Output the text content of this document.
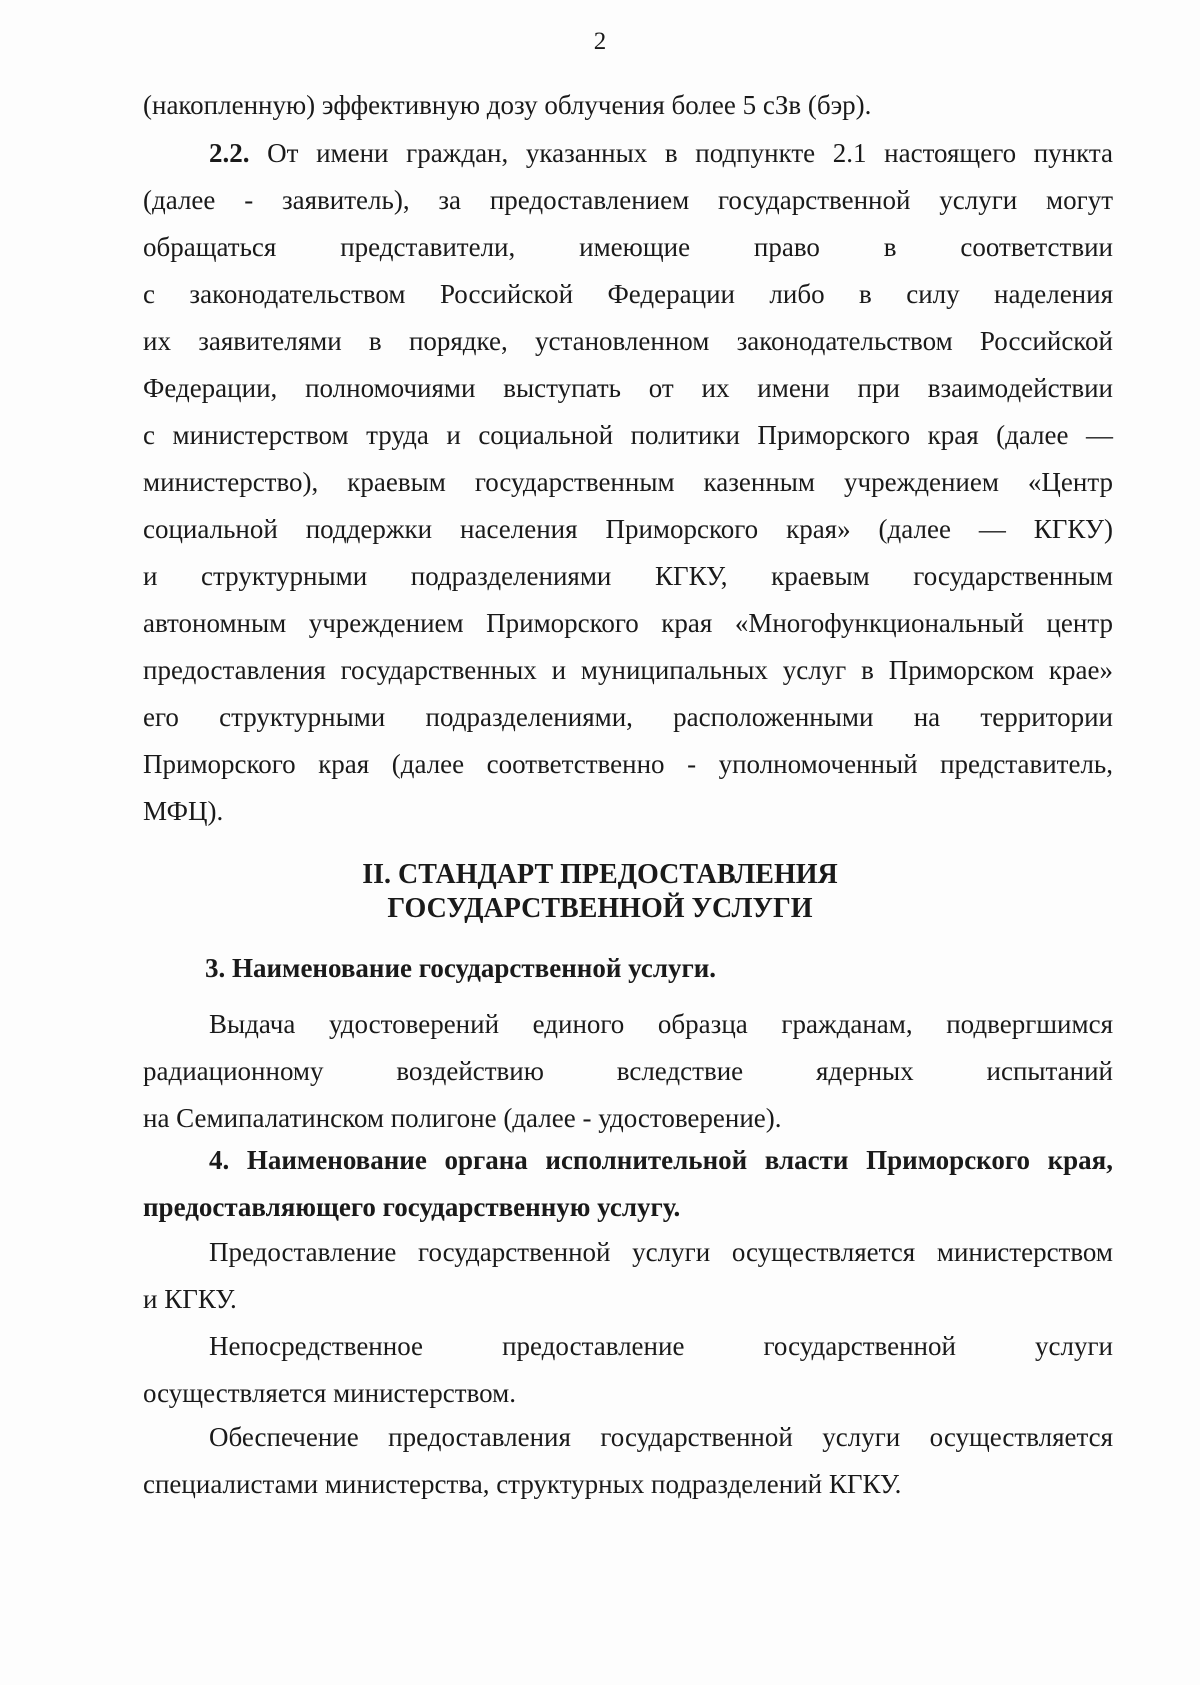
2
(накопленную) эффективную дозу облучения более 5 сЗв (бэр).
2.2. От имени граждан, указанных в подпункте 2.1 настоящего пункта
(далее - заявитель), за предоставлением государственной услуги могут
обращаться представители, имеющие право в соответствии
с законодательством Российской Федерации либо в силу наделения
их заявителями в порядке, установленном законодательством Российской
Федерации, полномочиями выступать от их имени при взаимодействии
с министерством труда и социальной политики Приморского края (далее —
министерство), краевым государственным казенным учреждением «Центр
социальной поддержки населения Приморского края» (далее — КГКУ)
и структурными подразделениями КГКУ, краевым государственным
автономным учреждением Приморского края «Многофункциональный центр
предоставления государственных и муниципальных услуг в Приморском крае»
его структурными подразделениями, расположенными на территории
Приморского края (далее соответственно - уполномоченный представитель,
МФЦ).
II. СТАНДАРТ ПРЕДОСТАВЛЕНИЯ
ГОСУДАРСТВЕННОЙ УСЛУГИ
3. Наименование государственной услуги.
Выдача удостоверений единого образца гражданам, подвергшимся
радиационному воздействию вследствие ядерных испытаний
на Семипалатинском полигоне (далее - удостоверение).
4. Наименование органа исполнительной власти Приморского края,
предоставляющего государственную услугу.
Предоставление государственной услуги осуществляется министерством
и КГКУ.
Непосредственное предоставление государственной услуги
осуществляется министерством.
Обеспечение предоставления государственной услуги осуществляется
специалистами министерства, структурных подразделений КГКУ.
